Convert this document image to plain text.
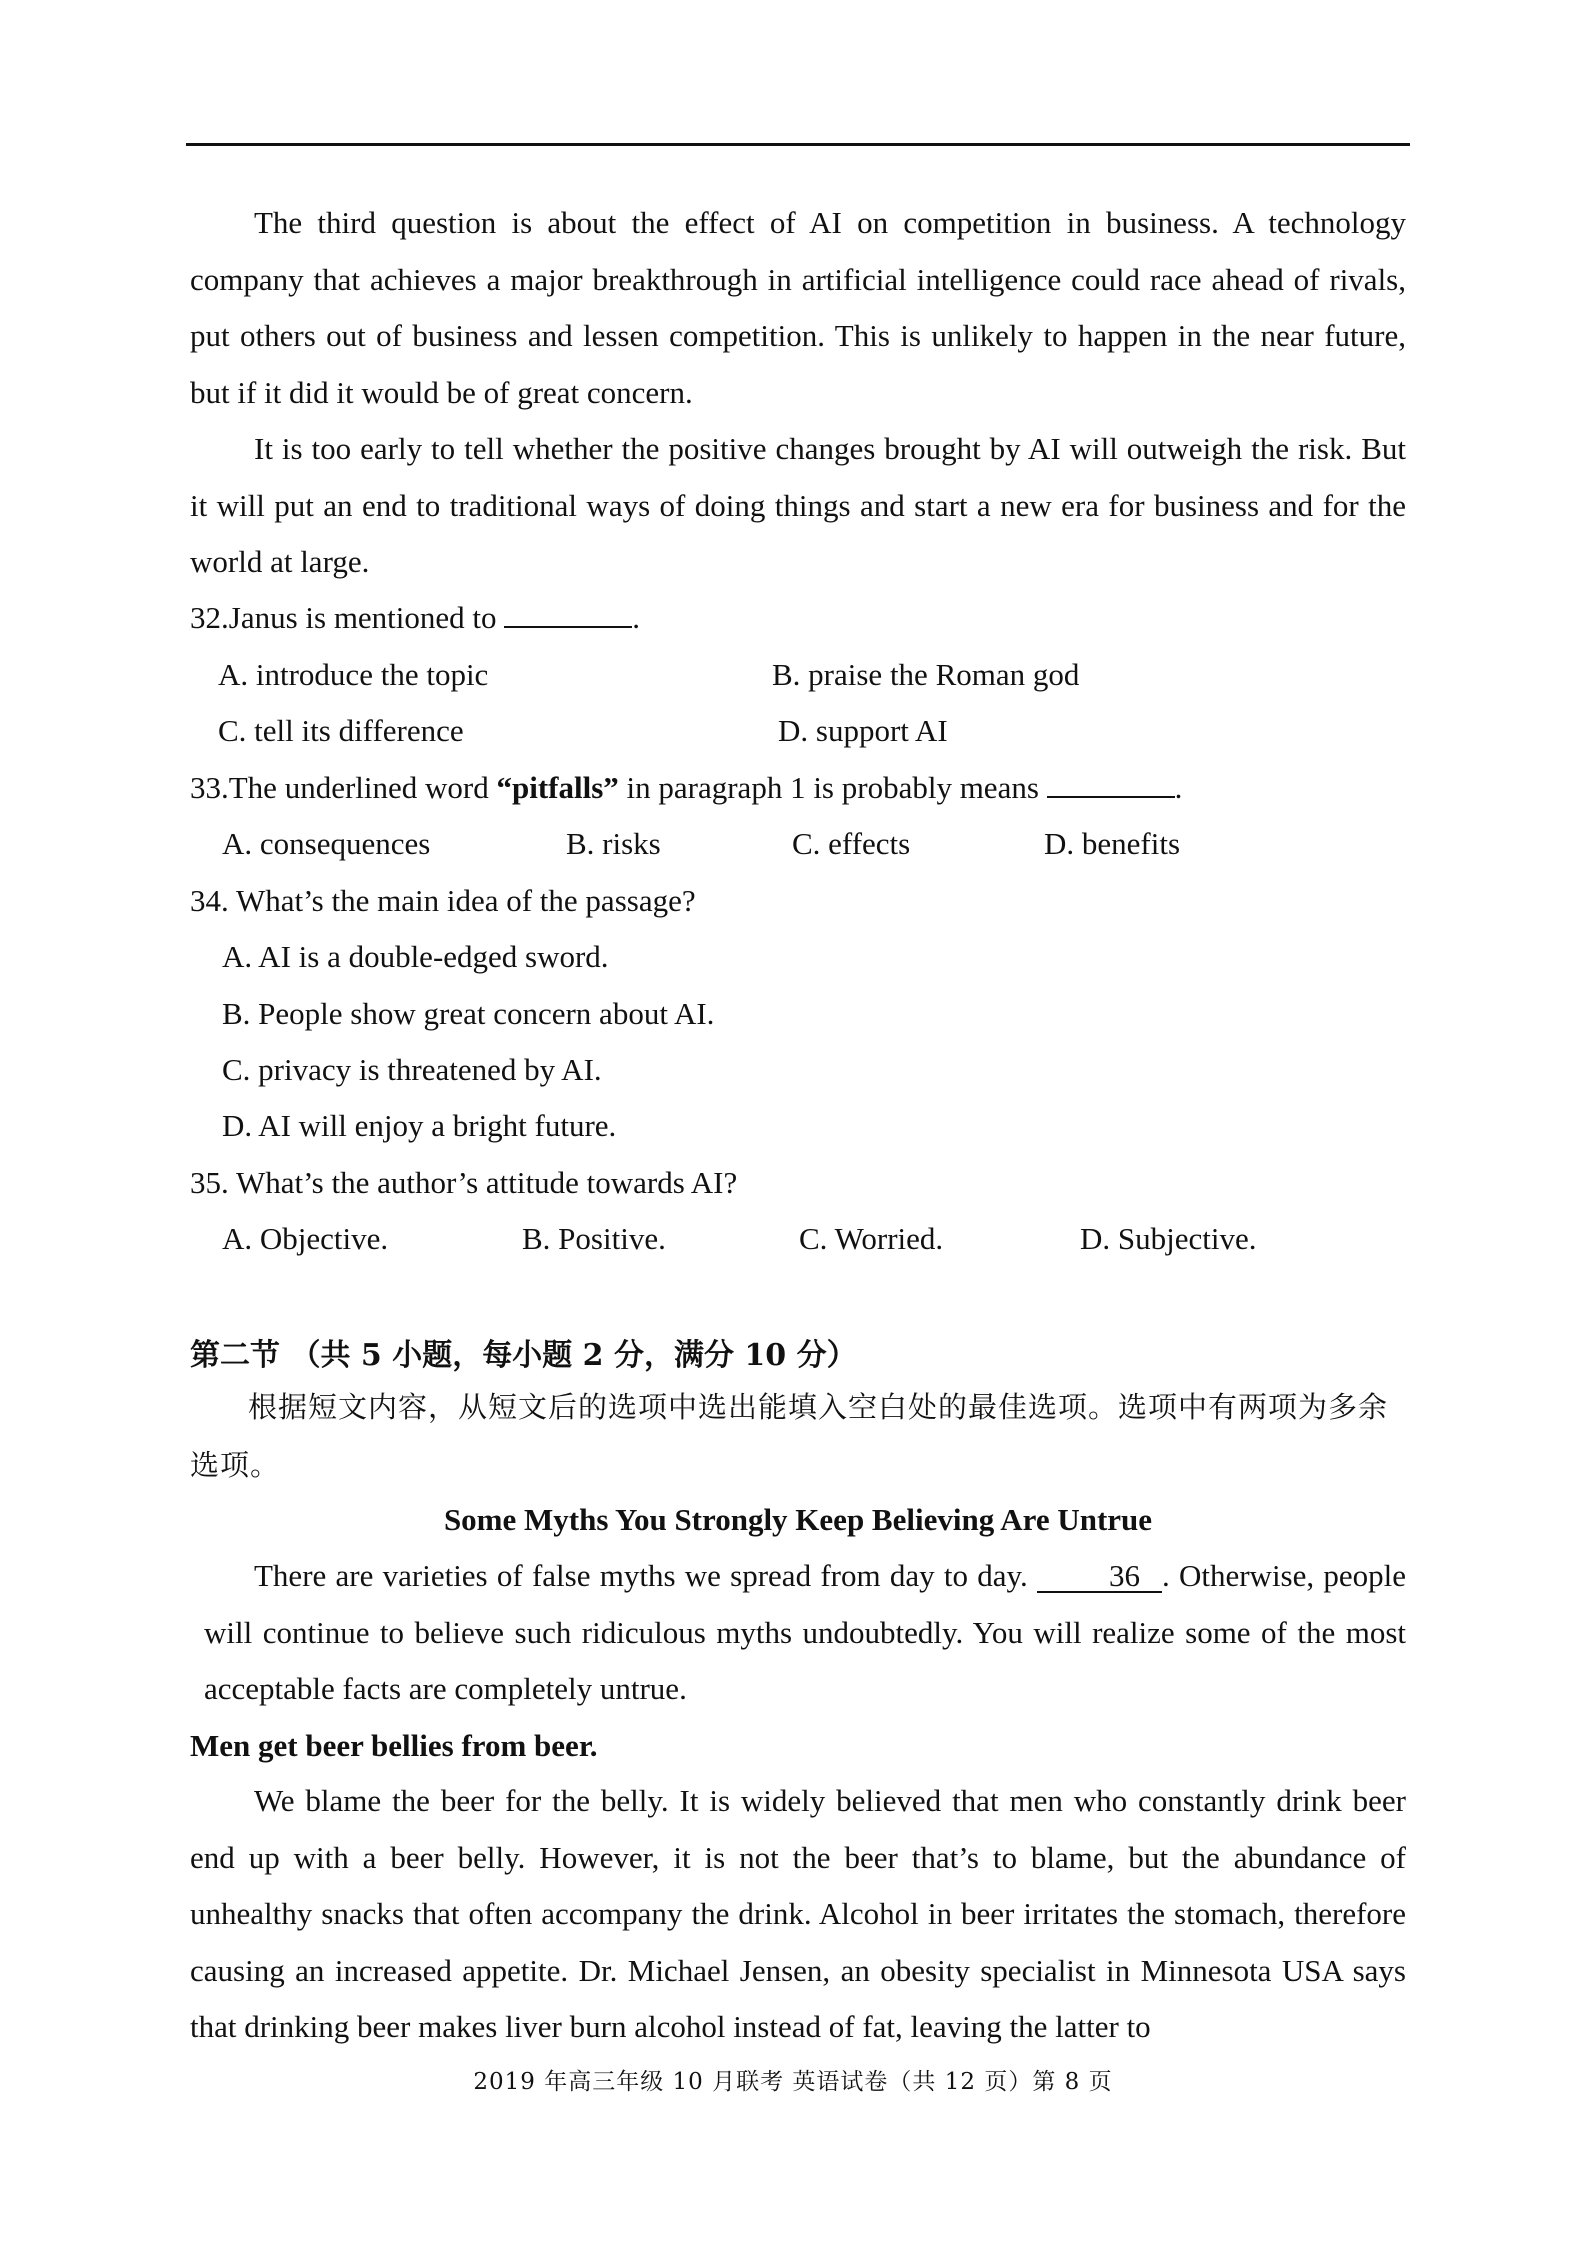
The third question is about the effect of AI on competition in business. A technology company that achieves a major breakthrough in artificial intelligence could race ahead of rivals, put others out of business and lessen competition. This is unlikely to happen in the near future, but if it did it would be of great concern.

It is too early to tell whether the positive changes brought by AI will outweigh the risk. But it will put an end to traditional ways of doing things and start a new era for business and for the world at large.

32.Janus is mentioned to	.

A. introduce the topic	B. praise the Roman god

C. tell its difference	D. support AI

33.The underlined word “pitfalls” in paragraph 1 is probably means	.

A. consequences	B. risks	C. effects	D. benefits

34. What’s the main idea of the passage?

A. AI is a double-edged sword.

B. People show great concern about AI.

C. privacy is threatened by AI.

D. AI will enjoy a bright future.

35. What’s the author’s attitude towards AI?

A. Objective.	B. Positive.	C. Worried.	D. Subjective.

第二节 （共 5 小题，每小题 2 分，满分 10 分）

根据短文内容，从短文后的选项中选出能填入空白处的最佳选项。选项中有两项为多余选项。

Some Myths You Strongly Keep Believing Are Untrue

There are varieties of false myths we spread from day to day.	36 . Otherwise, people will continue to believe such ridiculous myths undoubtedly. You will realize some of the most acceptable facts are completely untrue.

Men get beer bellies from beer.

We blame the beer for the belly. It is widely believed that men who constantly drink beer end up with a beer belly. However, it is not the beer that’s to blame, but the abundance of unhealthy snacks that often accompany the drink. Alcohol in beer irritates the stomach, therefore causing an increased appetite. Dr. Michael Jensen, an obesity specialist in Minnesota USA says that drinking beer makes liver burn alcohol instead of fat, leaving the latter to

2019 年高三年级 10 月联考 英语试卷（共 12 页）第 8 页
